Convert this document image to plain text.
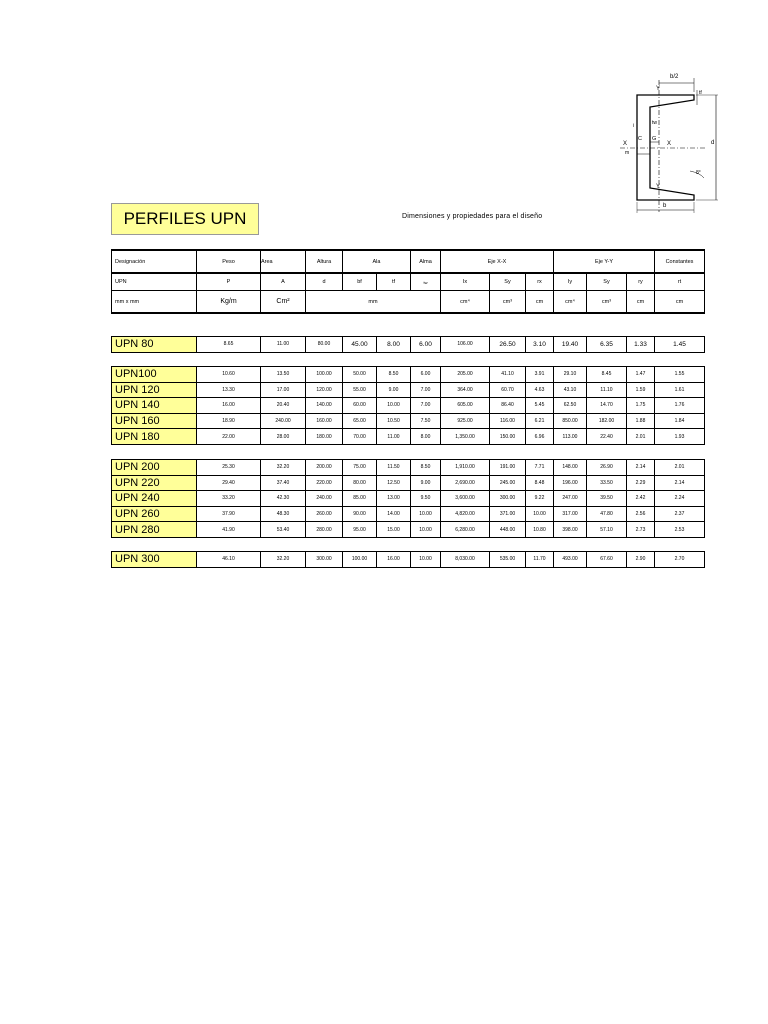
PERFILES UPN	Dimensiones y propiedades para el diseño
b/2
tf
tw
Y
Y
X	X
i
C G
m
d
b
8°
Designación	Peso	Area	Altura	Ala		Alma	Eje X-X			Eje Y-Y			Constantes
UPN	P	A	d	bf	tf	tw	Ix	Sy	rx	Iy	Sy	ry	rt
mm x mm	Kg/m	Cm²	mm				cm⁴	cm³	cm	cm⁴	cm³	cm	cm
UPN 80	8.65	11.00	80.00	45.00	8.00	6.00	106.00	26.50	3.10	19.40	6.35	1.33	1.45
UPN100	10.60	13.50	100.00	50.00	8.50	6.00	205.00	41.10	3.91	29.10	8.45	1.47	1.55
UPN 120	13.30	17.00	120.00	55.00	9.00	7.00	364.00	60.70	4.63	43.10	11.10	1.59	1.61
UPN 140	16.00	20.40	140.00	60.00	10.00	7.00	605.00	86.40	5.45	62.50	14.70	1.75	1.76
UPN 160	18.90	240.00	160.00	65.00	10.50	7.50	925.00	116.00	6.21	850.00	182.00	1.88	1.84
UPN 180	22.00	28.00	180.00	70.00	11.00	8.00	1,350.00	150.00	6.96	113.00	22.40	2.01	1.93
UPN 200	25.30	32.20	200.00	75.00	11.50	8.50	1,910.00	191.00	7.71	148.00	26.90	2.14	2.01
UPN 220	29.40	37.40	220.00	80.00	12.50	9.00	2,690.00	245.00	8.48	196.00	33.50	2.29	2.14
UPN 240	33.20	42.30	240.00	85.00	13.00	9.50	3,600.00	300.00	9.22	247.00	39.50	2.42	2.24
UPN 260	37.90	48.30	260.00	90.00	14.00	10.00	4,820.00	371.00	10.00	317.00	47.80	2.56	2.37
UPN 280	41.90	53.40	280.00	95.00	15.00	10.00	6,280.00	448.00	10.80	398.00	57.10	2.73	2.53
UPN 300	46.10	32.20	300.00	100.00	16.00	10.00	8,030.00	535.00	11.70	493.00	67.60	2.90	2.70
